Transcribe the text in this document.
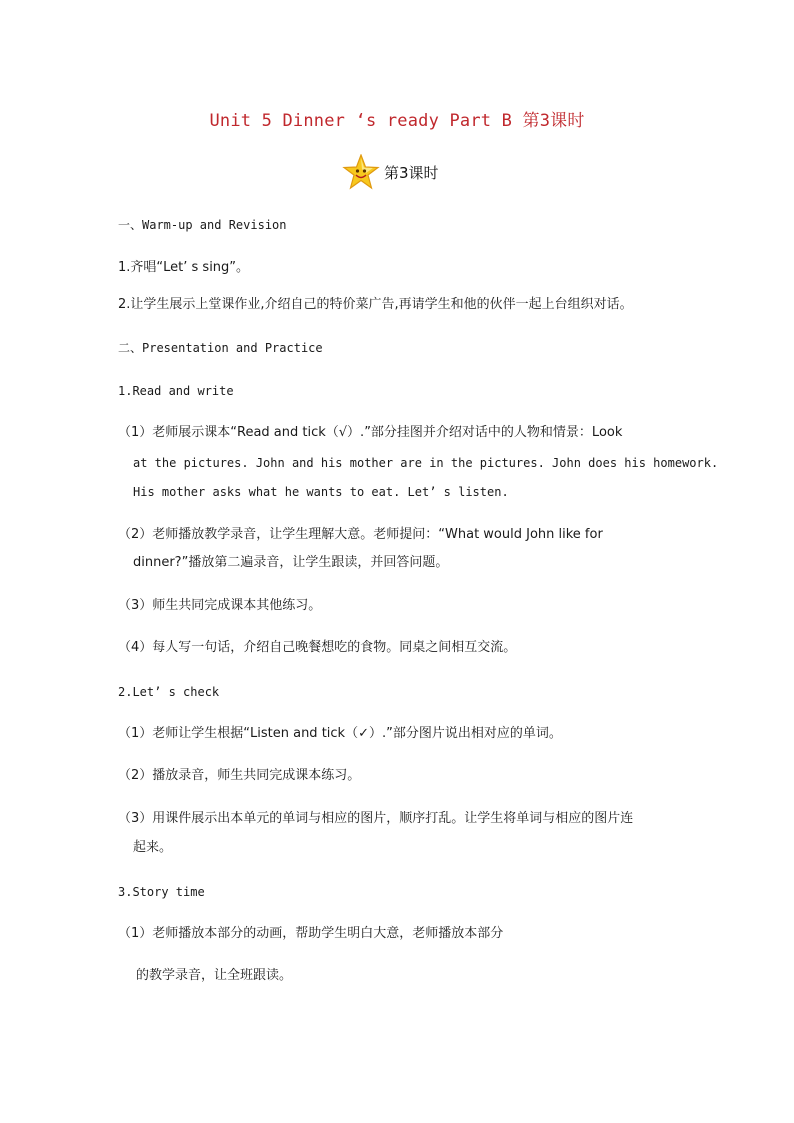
Unit 5 Dinner ‘s ready Part B 第3课时
第3课时
一、Warm-up and Revision
1.齐唱“Let’ s sing”。
2.让学生展示上堂课作业,介绍自己的特价菜广告,再请学生和他的伙伴一起上台组织对话。
二、Presentation and Practice
1.Read and write
（1）老师展示课本“Read and tick（√）.”部分挂图并介绍对话中的人物和情景：Look
at the pictures. John and his mother are in the pictures. John does his homework.
His mother asks what he wants to eat. Let’ s listen.
（2）老师播放教学录音，让学生理解大意。老师提问：“What would John like for
dinner?”播放第二遍录音，让学生跟读，并回答问题。
（3）师生共同完成课本其他练习。
（4）每人写一句话，介绍自己晚餐想吃的食物。同桌之间相互交流。
2.Let’ s check
（1）老师让学生根据“Listen and tick（✓）.”部分图片说出相对应的单词。
（2）播放录音，师生共同完成课本练习。
（3）用课件展示出本单元的单词与相应的图片，顺序打乱。让学生将单词与相应的图片连
起来。
3.Story time
（1）老师播放本部分的动画，帮助学生明白大意，老师播放本部分
的教学录音，让全班跟读。
